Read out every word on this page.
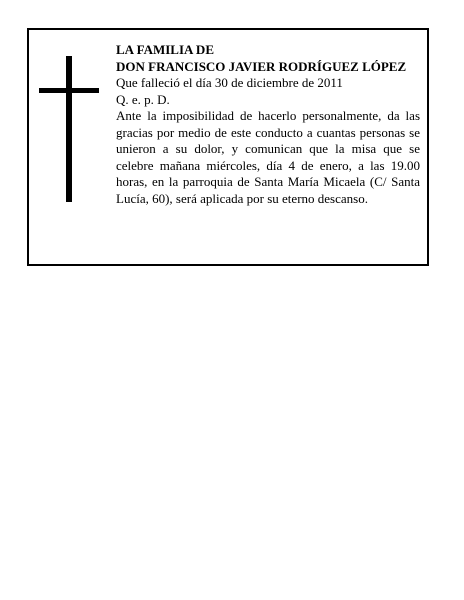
LA FAMILIA DE
DON FRANCISCO JAVIER RODRÍGUEZ LÓPEZ
Que falleció el día 30 de diciembre de 2011
Q. e. p. D.
Ante la imposibilidad de hacerlo personalmente, da las gracias por medio de este conducto a cuantas personas se unieron a su dolor, y comunican que la misa que se celebre mañana miércoles, día 4 de enero, a las 19.00 horas, en la parroquia de Santa María Micaela (C/ Santa Lucía, 60), será aplicada por su eterno descanso.
